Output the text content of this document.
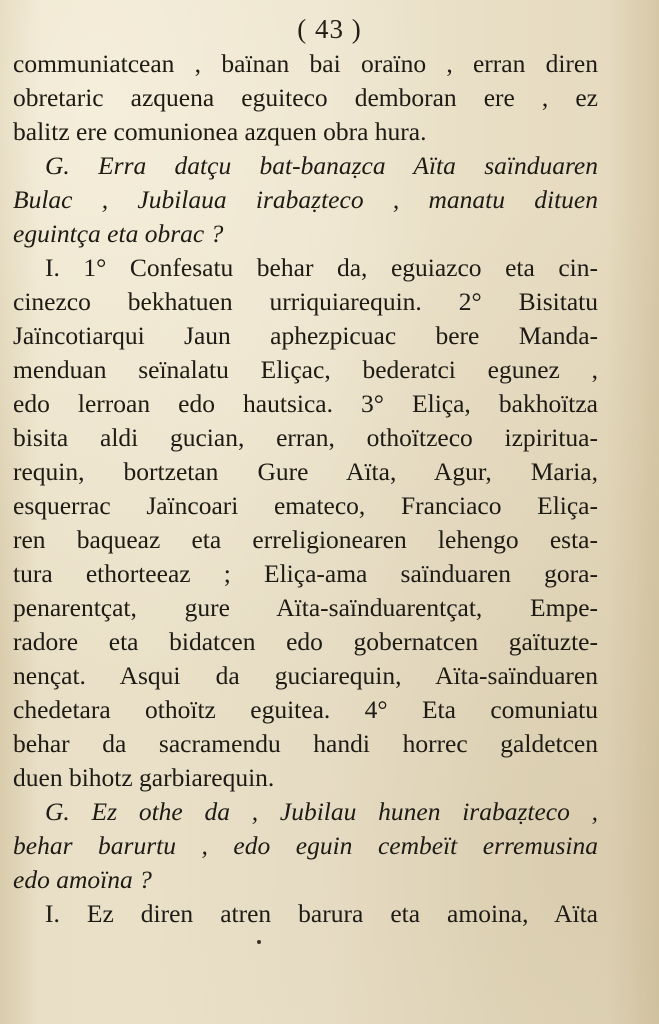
( 43 )
communiatcean , baïnan bai oraïno , erran diren
obretaric azquena eguiteco demboran ere , ez
balitz ere comunionea azquen obra hura.
G. Erra datçu bat-banaẓca Aïta saïnduaren
Bulac , Jubilaua irabaẓteco , manatu dituen
eguintça eta obrac ?
I. 1° Confesatu behar da, eguiazco eta cin-
cinezco bekhatuen urriquiarequin. 2° Bisitatu
Jaïncotiarqui Jaun aphezpicuac bere Manda-
menduan seïnalatu Eliçac, bederatci egunez ,
edo lerroan edo hautsica. 3° Eliça, bakhoïtza
bisita aldi gucian, erran, othoïtzeco izpiritua-
requin, bortzetan Gure Aïta, Agur, Maria,
esquerrac Jaïncoari emateco, Franciaco Eliça-
ren baqueaz eta erreligionearen lehengo esta-
tura ethorteeaz ; Eliça-ama saïnduaren gora-
penarentçat, gure Aïta-saïnduarentçat, Empe-
radore eta bidatcen edo gobernatcen gaïtuzte-
nençat. Asqui da guciarequin, Aïta-saïnduaren
chedetara othoïtz eguitea. 4° Eta comuniatu
behar da sacramendu handi horrec galdetcen
duen bihotz garbiarequin.
G. Ez othe da , Jubilau hunen irabaẓteco ,
behar barurtu , edo eguin cembeït erremusina
edo amoïna ?
I. Ez diren atren barura eta amoina, Aïta
